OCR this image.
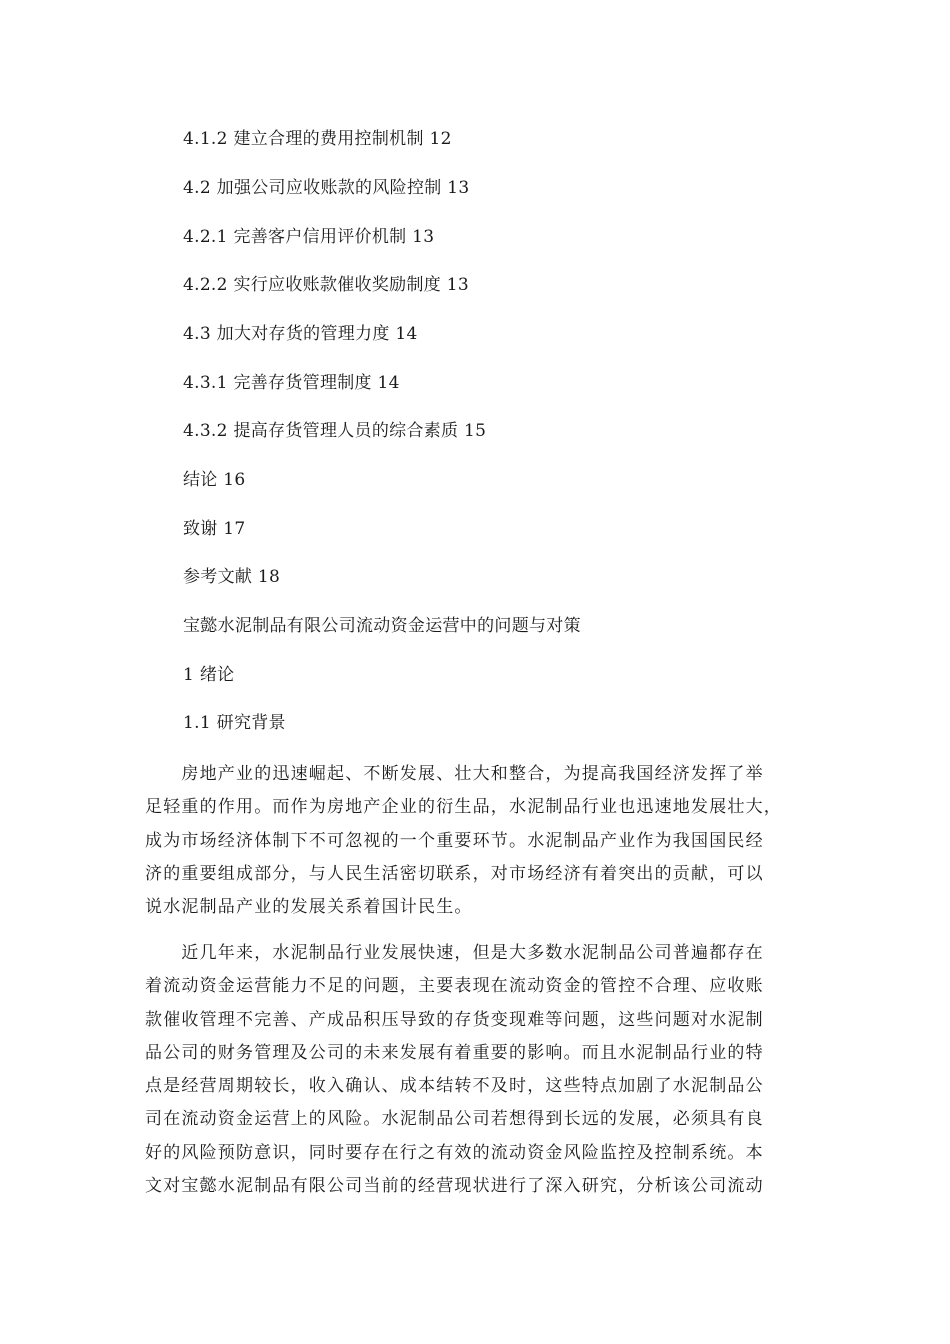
4.1.2 建立合理的费用控制机制 12
4.2 加强公司应收账款的风险控制 13
4.2.1 完善客户信用评价机制 13
4.2.2 实行应收账款催收奖励制度 13
4.3 加大对存货的管理力度 14
4.3.1 完善存货管理制度 14
4.3.2 提高存货管理人员的综合素质 15
结论 16
致谢 17
参考文献 18
宝懿水泥制品有限公司流动资金运营中的问题与对策
1 绪论
1.1 研究背景
　　房地产业的迅速崛起、不断发展、壮大和整合，为提高我国经济发挥了举
足轻重的作用。而作为房地产企业的衍生品，水泥制品行业也迅速地发展壮大，
成为市场经济体制下不可忽视的一个重要环节。水泥制品产业作为我国国民经
济的重要组成部分，与人民生活密切联系，对市场经济有着突出的贡献，可以
说水泥制品产业的发展关系着国计民生。
　　近几年来，水泥制品行业发展快速，但是大多数水泥制品公司普遍都存在
着流动资金运营能力不足的问题，主要表现在流动资金的管控不合理、应收账
款催收管理不完善、产成品积压导致的存货变现难等问题，这些问题对水泥制
品公司的财务管理及公司的未来发展有着重要的影响。而且水泥制品行业的特
点是经营周期较长，收入确认、成本结转不及时，这些特点加剧了水泥制品公
司在流动资金运营上的风险。水泥制品公司若想得到长远的发展，必须具有良
好的风险预防意识，同时要存在行之有效的流动资金风险监控及控制系统。本
文对宝懿水泥制品有限公司当前的经营现状进行了深入研究，分析该公司流动
